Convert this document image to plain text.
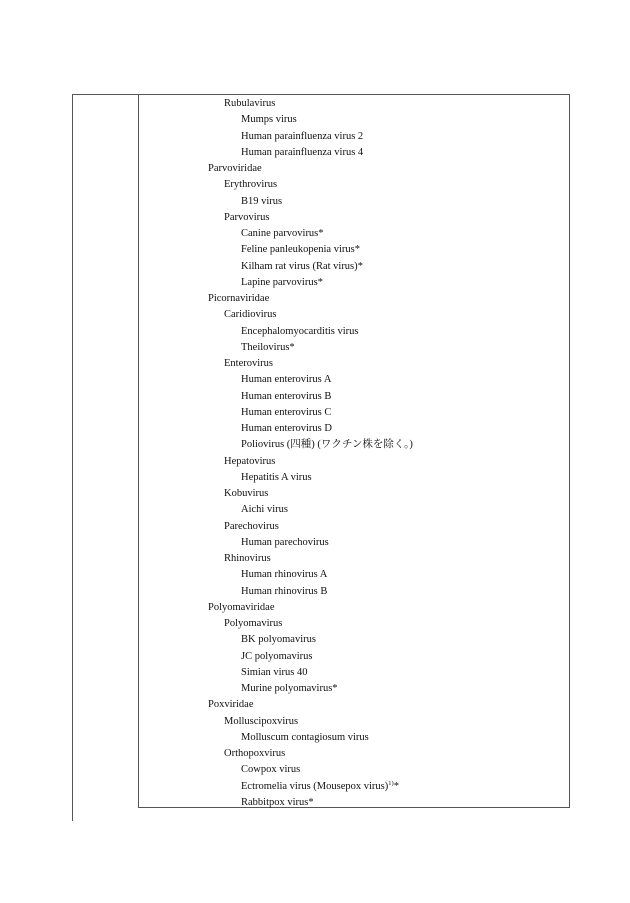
Rubulavirus
Mumps virus
Human parainfluenza virus 2
Human parainfluenza virus 4
Parvoviridae
Erythrovirus
B19 virus
Parvovirus
Canine parvovirus*
Feline panleukopenia virus*
Kilham rat virus (Rat virus)*
Lapine parvovirus*
Picornaviridae
Caridiovirus
Encephalomyocarditis virus
Theilovirus*
Enterovirus
Human enterovirus A
Human enterovirus B
Human enterovirus C
Human enterovirus D
Poliovirus (四種) (ワクチン株を除く。)
Hepatovirus
Hepatitis A virus
Kobuvirus
Aichi virus
Parechovirus
Human parechovirus
Rhinovirus
Human rhinovirus A
Human rhinovirus B
Polyomaviridae
Polyomavirus
BK polyomavirus
JC polyomavirus
Simian virus 40
Murine polyomavirus*
Poxviridae
Molluscipoxvirus
Molluscum contagiosum virus
Orthopoxvirus
Cowpox virus
Ectromelia virus (Mousepox virus)$^{1)}$*
Rabbitpox virus*
